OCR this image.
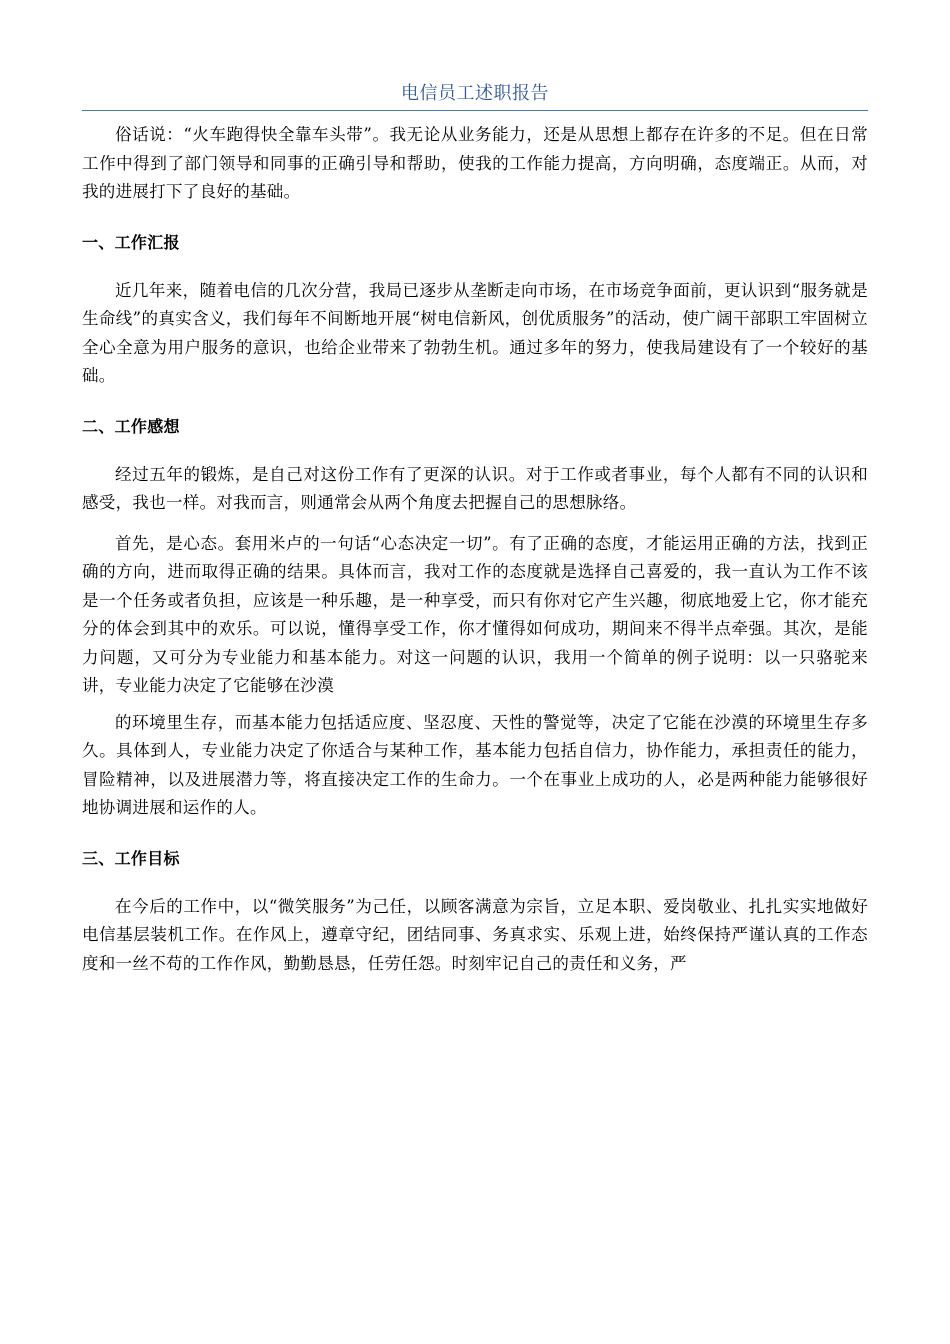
电信员工述职报告

俗话说：“火车跑得快全靠车头带”。我无论从业务能力，还是从思想上都存在许多的不足。但在日常工作中得到了部门领导和同事的正确引导和帮助，使我的工作能力提高，方向明确，态度端正。从而，对我的进展打下了良好的基础。

一、工作汇报

近几年来，随着电信的几次分营，我局已逐步从垄断走向市场，在市场竞争面前，更认识到“服务就是生命线”的真实含义，我们每年不间断地开展“树电信新风，创优质服务”的活动，使广阔干部职工牢固树立全心全意为用户服务的意识，也给企业带来了勃勃生机。通过多年的努力，使我局建设有了一个较好的基础。

二、工作感想

经过五年的锻炼，是自己对这份工作有了更深的认识。对于工作或者事业，每个人都有不同的认识和感受，我也一样。对我而言，则通常会从两个角度去把握自己的思想脉络。

首先，是心态。套用米卢的一句话“心态决定一切”。有了正确的态度，才能运用正确的方法，找到正确的方向，进而取得正确的结果。具体而言，我对工作的态度就是选择自己喜爱的，我一直认为工作不该是一个任务或者负担，应该是一种乐趣，是一种享受，而只有你对它产生兴趣，彻底地爱上它，你才能充分的体会到其中的欢乐。可以说，懂得享受工作，你才懂得如何成功，期间来不得半点牵强。其次，是能力问题，又可分为专业能力和基本能力。对这一问题的认识，我用一个简单的例子说明：以一只骆驼来讲，专业能力决定了它能够在沙漠

的环境里生存，而基本能力包括适应度、坚忍度、天性的警觉等，决定了它能在沙漠的环境里生存多久。具体到人，专业能力决定了你适合与某种工作，基本能力包括自信力，协作能力，承担责任的能力，冒险精神，以及进展潜力等，将直接决定工作的生命力。一个在事业上成功的人，必是两种能力能够很好地协调进展和运作的人。

三、工作目标

在今后的工作中，以“微笑服务”为己任，以顾客满意为宗旨，立足本职、爱岗敬业、扎扎实实地做好电信基层装机工作。在作风上，遵章守纪，团结同事、务真求实、乐观上进，始终保持严谨认真的工作态度和一丝不苟的工作作风，勤勤恳恳，任劳任怨。时刻牢记自己的责任和义务，严
